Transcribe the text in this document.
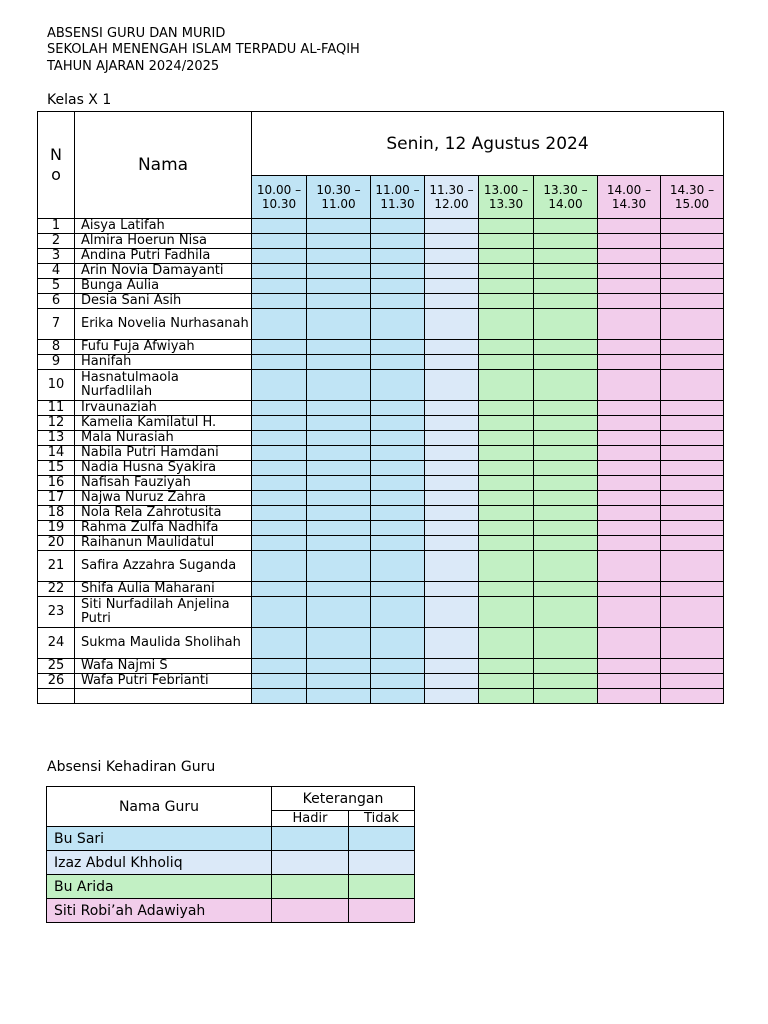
ABSENSI GURU DAN MURID
SEKOLAH MENENGAH ISLAM TERPADU AL-FAQIH
TAHUN AJARAN 2024/2025
Kelas X 1
No	Nama	Senin, 12 Agustus 2024							
		10.00 – 10.30	10.30 – 11.00	11.00 – 11.30	11.30 – 12.00	13.00 – 13.30	13.30 – 14.00	14.00 – 14.30	14.30 – 15.00
1	Aisya Latifah								
2	Almira Hoerun Nisa								
3	Andina Putri Fadhila								
4	Arin Novia Damayanti								
5	Bunga Aulia								
6	Desia Sani Asih								
7	Erika Novelia Nurhasanah								
8	Fufu Fuja Afwiyah								
9	Hanifah								
10	Hasnatulmaola Nurfadlilah								
11	Irvaunaziah								
12	Kamelia Kamilatul H.								
13	Mala Nurasiah								
14	Nabila Putri Hamdani								
15	Nadia Husna Syakira								
16	Nafisah Fauziyah								
17	Najwa Nuruz Zahra								
18	Nola Rela Zahrotusita								
19	Rahma Zulfa Nadhifa								
20	Raihanun Maulidatul								
21	Safira Azzahra Suganda								
22	Shifa Aulia Maharani								
23	Siti Nurfadilah Anjelina Putri								
24	Sukma Maulida Sholihah								
25	Wafa Najmi S								
26	Wafa Putri Febrianti								

Absensi Kehadiran Guru
Nama Guru	Keterangan	
	Hadir	Tidak
Bu Sari		
Izaz Abdul Khholiq		
Bu Arida		
Siti Robi’ah Adawiyah		
